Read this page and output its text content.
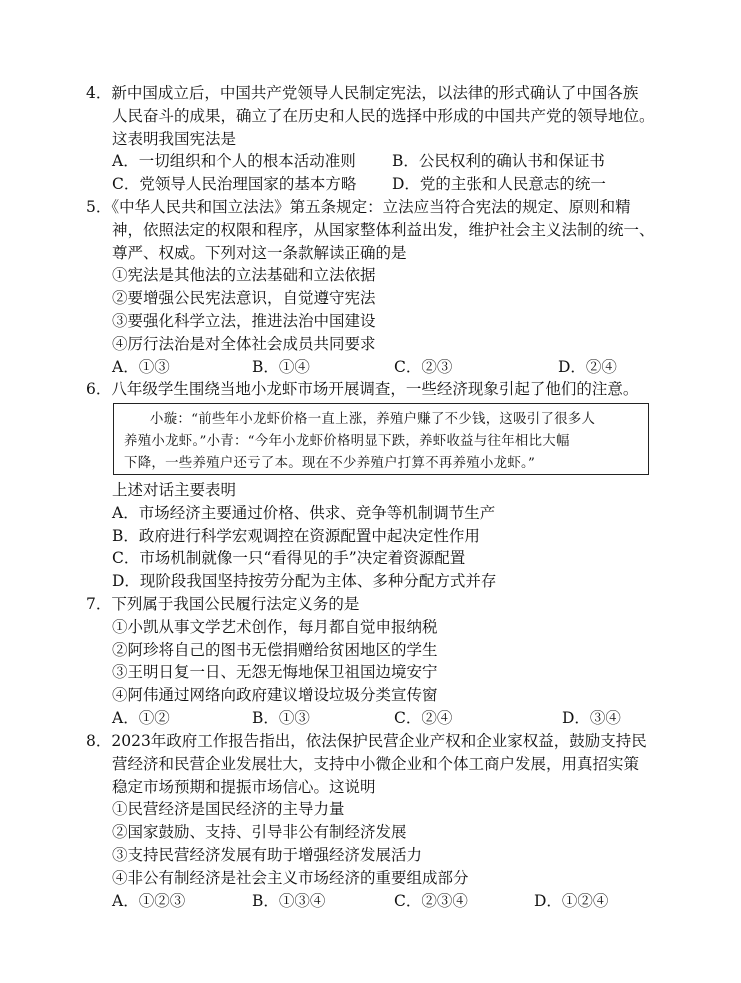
4．新中国成立后，中国共产党领导人民制定宪法，以法律的形式确认了中国各族
人民奋斗的成果，确立了在历史和人民的选择中形成的中国共产党的领导地位。
这表明我国宪法是
A．一切组织和个人的根本活动准则 B．公民权利的确认书和保证书
C．党领导人民治理国家的基本方略 D．党的主张和人民意志的统一
5．《中华人民共和国立法法》第五条规定：立法应当符合宪法的规定、原则和精
神，依照法定的权限和程序，从国家整体利益出发，维护社会主义法制的统一、
尊严、权威。下列对这一条款解读正确的是
①宪法是其他法的立法基础和立法依据
②要增强公民宪法意识，自觉遵守宪法
③要强化科学立法，推进法治中国建设
④厉行法治是对全体社会成员共同要求
A．①③	B．①④	C．②③	D．②④
6．八年级学生围绕当地小龙虾市场开展调查，一些经济现象引起了他们的注意。
小璇：“前些年小龙虾价格一直上涨，养殖户赚了不少钱，这吸引了很多人
养殖小龙虾。”小青：“今年小龙虾价格明显下跌，养虾收益与往年相比大幅
下降，一些养殖户还亏了本。现在不少养殖户打算不再养殖小龙虾。”
上述对话主要表明
A．市场经济主要通过价格、供求、竞争等机制调节生产
B．政府进行科学宏观调控在资源配置中起决定性作用
C．市场机制就像一只“看得见的手”决定着资源配置
D．现阶段我国坚持按劳分配为主体、多种分配方式并存
7．下列属于我国公民履行法定义务的是
①小凯从事文学艺术创作，每月都自觉申报纳税
②阿珍将自己的图书无偿捐赠给贫困地区的学生
③王明日复一日、无怨无悔地保卫祖国边境安宁
④阿伟通过网络向政府建议增设垃圾分类宣传窗
A．①②	B．①③	C．②④	D．③④
8．2023年政府工作报告指出，依法保护民营企业产权和企业家权益，鼓励支持民
营经济和民营企业发展壮大，支持中小微企业和个体工商户发展，用真招实策
稳定市场预期和提振市场信心。这说明
①民营经济是国民经济的主导力量
②国家鼓励、支持、引导非公有制经济发展
③支持民营经济发展有助于增强经济发展活力
④非公有制经济是社会主义市场经济的重要组成部分
A．①②③	B．①③④	C．②③④	D．①②④
